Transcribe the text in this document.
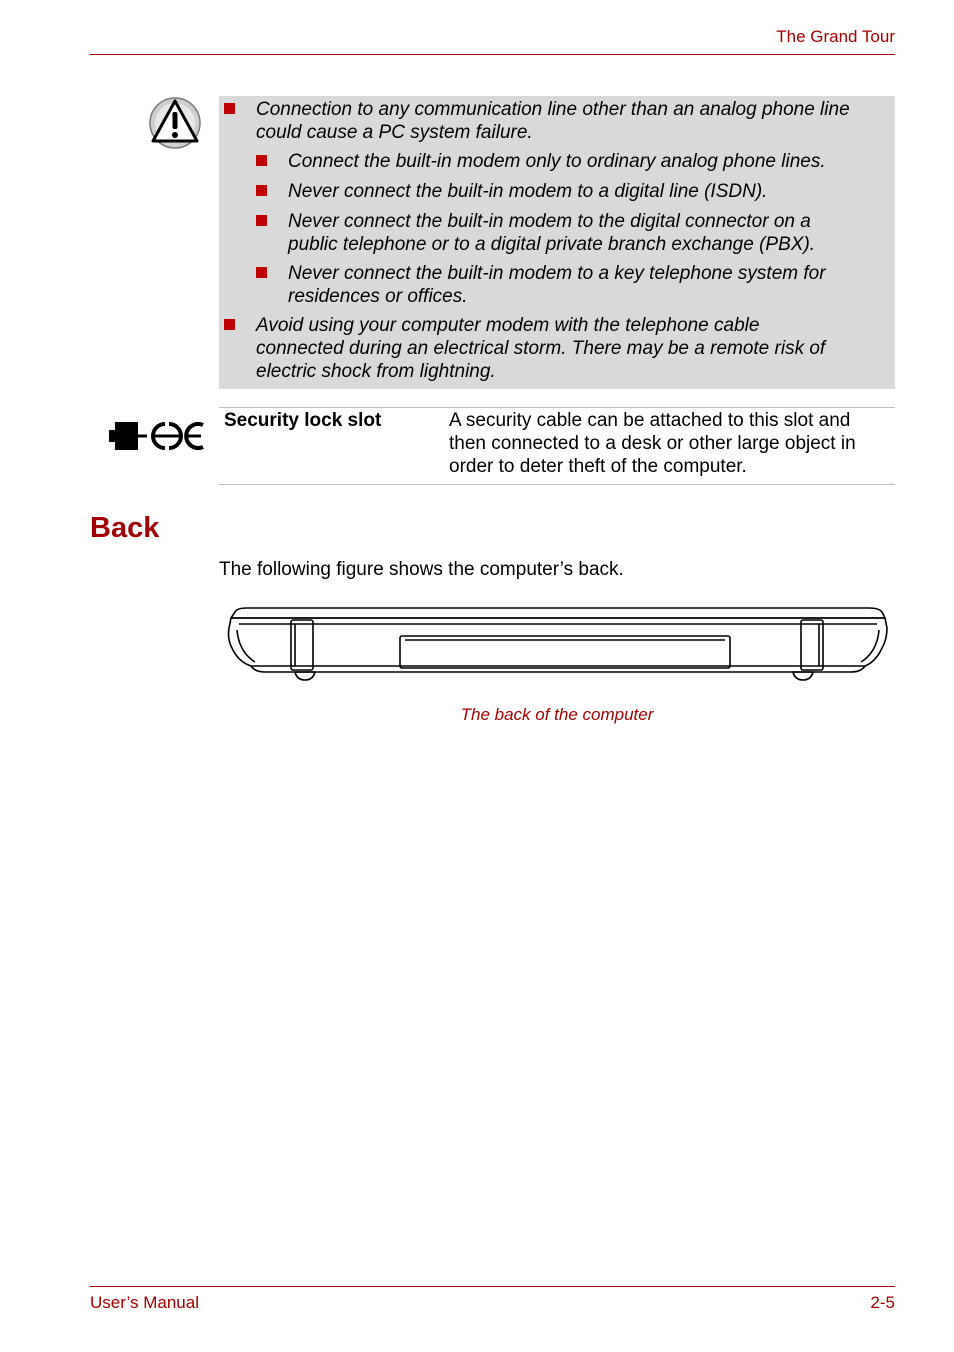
The Grand Tour
Connection to any communication line other than an analog phone line
could cause a PC system failure.
Connect the built-in modem only to ordinary analog phone lines.
Never connect the built-in modem to a digital line (ISDN).
Never connect the built-in modem to the digital connector on a
public telephone or to a digital private branch exchange (PBX).
Never connect the built-in modem to a key telephone system for
residences or offices.
Avoid using your computer modem with the telephone cable
connected during an electrical storm. There may be a remote risk of
electric shock from lightning.
Security lock slot	A security cable can be attached to this slot and
then connected to a desk or other large object in
order to deter theft of the computer.
Back
The following figure shows the computer’s back.
The back of the computer
User’s Manual	2-5
